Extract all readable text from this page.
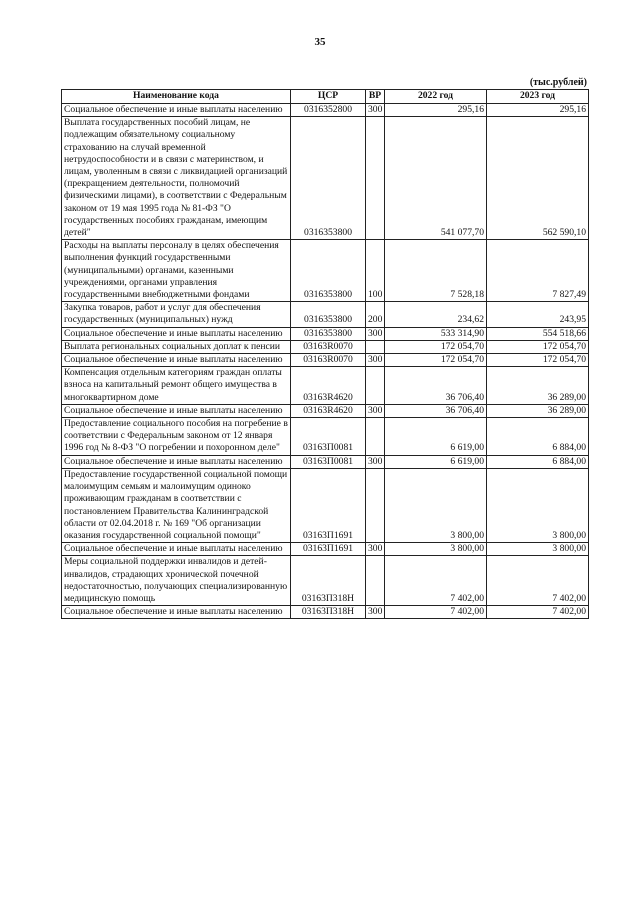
35
(тыс.рублей)
Наименование кода	ЦСР	ВР	2022 год	2023 год
Социальное обеспечение и иные выплаты населению	0316352800	300	295,16	295,16
Выплата государственных пособий лицам, не подлежащим обязательному социальному страхованию на случай временной нетрудоспособности и в связи с материнством, и лицам, уволенным в связи с ликвидацией организаций (прекращением деятельности, полномочий физическими лицами), в соответствии с Федеральным законом от 19 мая 1995 года № 81-ФЗ "О государственных пособиях гражданам, имеющим детей"	0316353800		541 077,70	562 590,10
Расходы на выплаты персоналу в целях обеспечения выполнения функций государственными (муниципальными) органами, казенными учреждениями, органами управления государственными внебюджетными фондами	0316353800	100	7 528,18	7 827,49
Закупка товаров, работ и услуг для обеспечения государственных (муниципальных) нужд	0316353800	200	234,62	243,95
Социальное обеспечение и иные выплаты населению	0316353800	300	533 314,90	554 518,66
Выплата региональных социальных доплат к пенсии	03163R0070		172 054,70	172 054,70
Социальное обеспечение и иные выплаты населению	03163R0070	300	172 054,70	172 054,70
Компенсация отдельным категориям граждан оплаты взноса на капитальный ремонт общего имущества в многоквартирном доме	03163R4620		36 706,40	36 289,00
Социальное обеспечение и иные выплаты населению	03163R4620	300	36 706,40	36 289,00
Предоставление социального пособия на погребение в соответствии с Федеральным законом от 12 января 1996 год № 8-ФЗ "О погребении и похоронном деле"	03163П0081		6 619,00	6 884,00
Социальное обеспечение и иные выплаты населению	03163П0081	300	6 619,00	6 884,00
Предоставление государственной социальной помощи малоимущим семьям и малоимущим одиноко проживающим гражданам в соответствии с постановлением Правительства Калининградской области от 02.04.2018 г. № 169 "Об организации оказания государственной социальной помощи"	03163П1691		3 800,00	3 800,00
Социальное обеспечение и иные выплаты населению	03163П1691	300	3 800,00	3 800,00
Меры социальной поддержки инвалидов и детей-инвалидов, страдающих хронической почечной недостаточностью, получающих специализированную медицинскую помощь	03163П318Н		7 402,00	7 402,00
Социальное обеспечение и иные выплаты населению	03163П318Н	300	7 402,00	7 402,00
